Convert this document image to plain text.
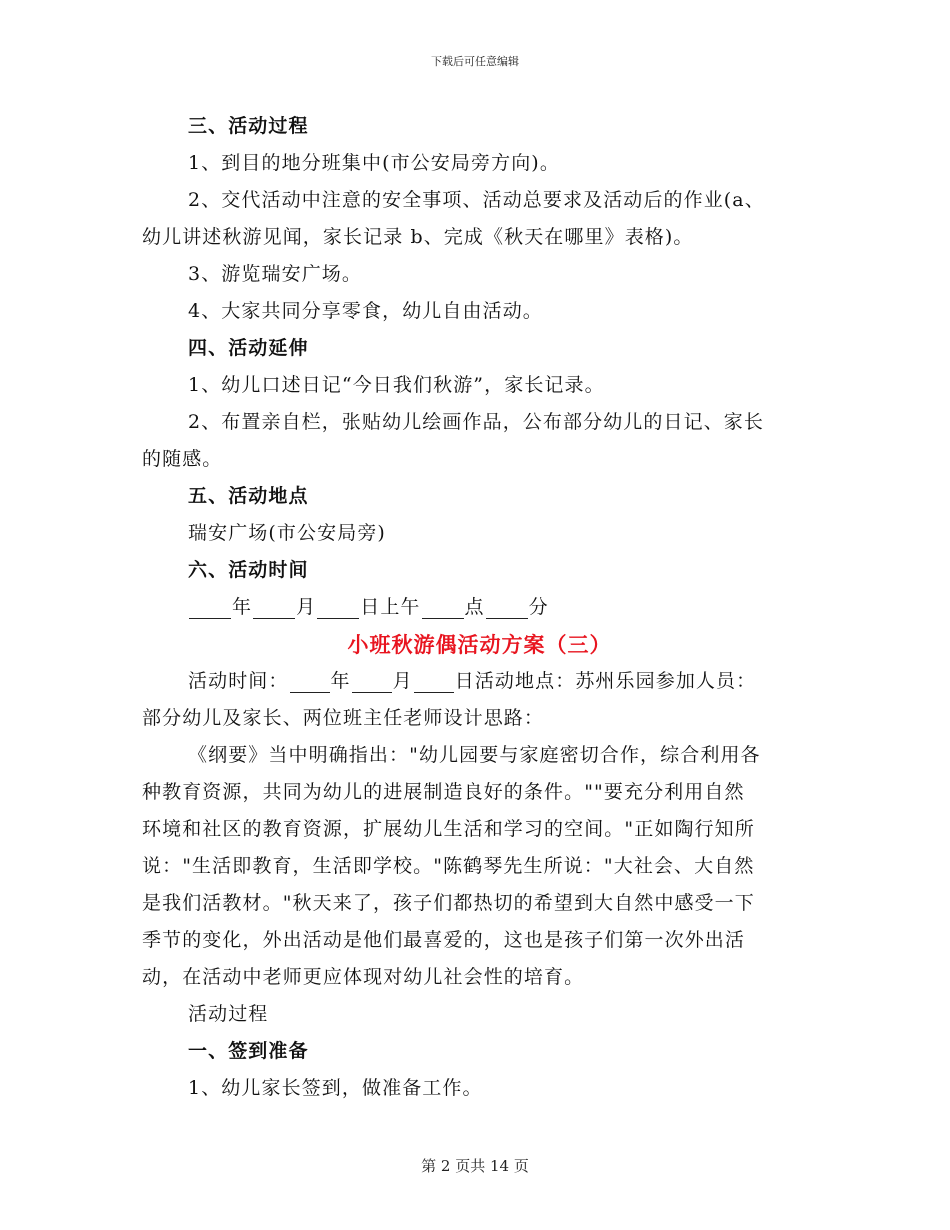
下载后可任意编辑
三、活动过程
1、到目的地分班集中(市公安局旁方向)。
2、交代活动中注意的安全事项、活动总要求及活动后的作业(a、
幼儿讲述秋游见闻，家长记录 b、完成《秋天在哪里》表格)。
3、游览瑞安广场。
4、大家共同分享零食，幼儿自由活动。
四、活动延伸
1、幼儿口述日记“今日我们秋游”，家长记录。
2、布置亲自栏，张贴幼儿绘画作品，公布部分幼儿的日记、家长
的随感。
五、活动地点
瑞安广场(市公安局旁)
六、活动时间
年 月 日上午 点 分
小班秋游偶活动方案（三）
活动时间： 年 月 日活动地点：苏州乐园参加人员：
部分幼儿及家长、两位班主任老师设计思路：
《纲要》当中明确指出："幼儿园要与家庭密切合作，综合利用各
种教育资源，共同为幼儿的进展制造良好的条件。""要充分利用自然
环境和社区的教育资源，扩展幼儿生活和学习的空间。"正如陶行知所
说："生活即教育，生活即学校。"陈鹤琴先生所说："大社会、大自然
是我们活教材。"秋天来了，孩子们都热切的希望到大自然中感受一下
季节的变化，外出活动是他们最喜爱的，这也是孩子们第一次外出活
动，在活动中老师更应体现对幼儿社会性的培育。
活动过程
一、签到准备
1、幼儿家长签到，做准备工作。
第 2 页共 14 页
